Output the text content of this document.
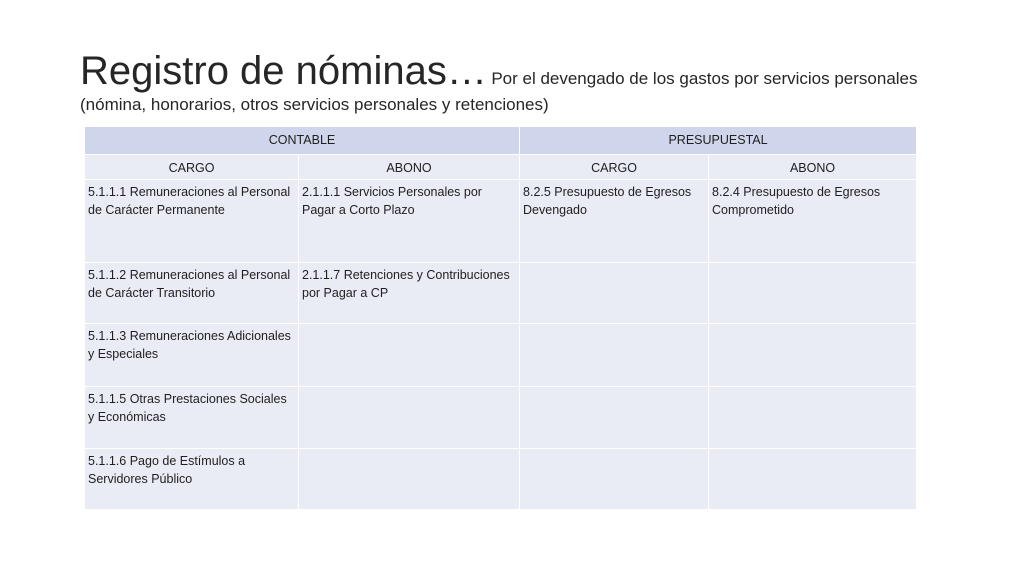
Registro de nóminas… Por el devengado de los gastos por servicios personales
(nómina, honorarios, otros servicios personales y retenciones)
CONTABLE		PRESUPUESTAL	
CARGO	ABONO	CARGO	ABONO
5.1.1.1 Remuneraciones al Personal de Carácter Permanente	2.1.1.1 Servicios Personales por Pagar a Corto Plazo	8.2.5 Presupuesto de Egresos Devengado	8.2.4 Presupuesto de Egresos Comprometido
5.1.1.2 Remuneraciones al Personal de Carácter Transitorio	2.1.1.7 Retenciones y Contribuciones por Pagar a CP		
5.1.1.3 Remuneraciones Adicionales y Especiales			
5.1.1.5 Otras Prestaciones Sociales y Económicas			
5.1.1.6 Pago de Estímulos a Servidores Público			
